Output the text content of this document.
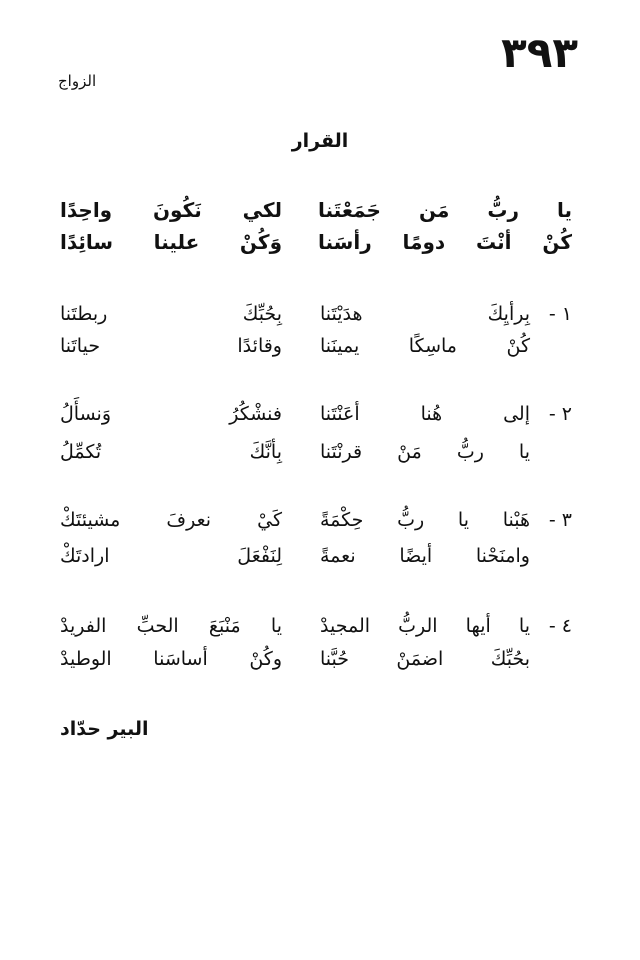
٣٩٣
الزواج
القرار
يا ربُّ مَن جَمَعْتَنا
لكي نَكُونَ واحِدًا
كُنْ أنْتَ دومًا رأسَنا
وَكُنْ علينا سائِدًا
١ -
بِرأيِكَ هدَيْتَنا
بِحُبِّكَ ربطتَنا
كُنْ ماسِكًا يمينَنا
وقائدًا حياتَنا
٢ -
إلى هُنا أعَنْتَنا
فنشْكُرُ وَنسأَلُ
يا ربُّ مَنْ قرنْتَنا
بِأنَّكَ تُكمِّلُ
٣ -
هَبْنا يا ربُّ حِكْمَةً
كَيْ نعرفَ مشيئتَكْ
وامنَحْنا أيضًا نعمةً
لِنَفْعَلَ ارادتَكْ
٤ -
يا أيها الربُّ المجيدْ
يا مَنْبَعَ الحبِّ الفريدْ
بحُبِّكَ اضمَنْ حُبَّنا
وكُنْ أساسَنا الوطيدْ
البير حدّاد
